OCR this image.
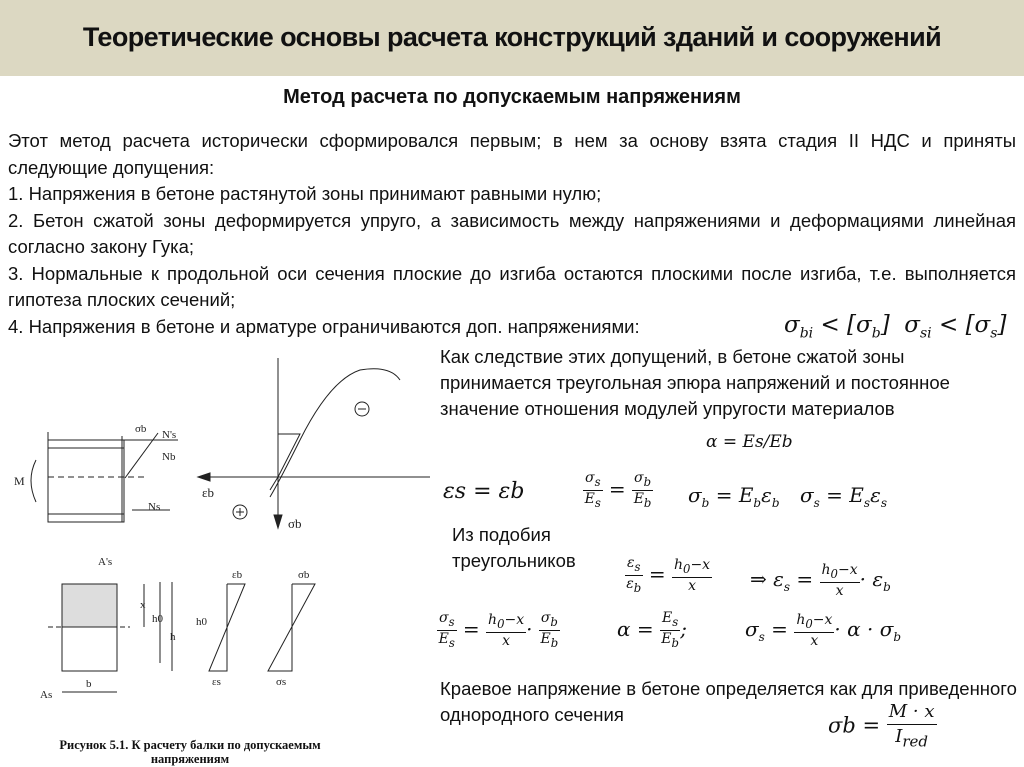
Теоретические основы расчета конструкций зданий и сооружений
Метод расчета по допускаемым напряжениям

Этот метод расчета исторически сформировался первым; в нем за основу взята стадия II НДС и приняты следующие допущения:

1. Напряжения в бетоне растянутой зоны принимают равными нулю;

2. Бетон сжатой зоны деформируется упруго, а зависимость между напряжениями и деформациями линейная согласно закону Гука;

3. Нормальные к продольной оси сечения плоские до изгиба остаются плоскими после изгиба, т.е. выполняется гипотеза плоских сечений;

4. Напряжения в бетоне и арматуре ограничиваются доп. напряжениями:	$\sigma_{bi} < [\sigma_b] \sigma_{si} < [\sigma_s]$
Как следствие этих допущений, в бетоне сжатой зоны принимается треугольная эпюра напряжений и постоянное значение отношения модулей упругости материалов
α = Es/Eb
εs = εb	$\frac{\sigma_s}{E_s} = \frac{\sigma_b}{E_b} \sigma_b = E_b\varepsilon_b$ $\sigma_s = E_s\varepsilon_s$
Из подобия треугольников	$\frac{\varepsilon_s}{\varepsilon_b} = \frac{h_0-x}{x}$ ⇒ $\varepsilon_s = \frac{h_0-x}{x} \cdot \varepsilon_b$
$\frac{\sigma_s}{E_s} = \frac{h_0-x}{x} \cdot \frac{\sigma_b}{E_b}$	$\alpha = \frac{E_s}{E_b}$ ;	$\sigma_s = \frac{h_0-x}{x} \cdot \alpha \cdot \sigma_b$
Краевое напряжение в бетоне определяется как для приведенного однородного сечения	$\sigma b = \frac{M \cdot x}{I_{red}}$
M
σb N's
Nb
Ns
εb
σb
A's
x
h0
h
b
As
εb
εs
h0
σb
σs
Рисунок 5.1. К расчету балки по допускаемым напряжениям
